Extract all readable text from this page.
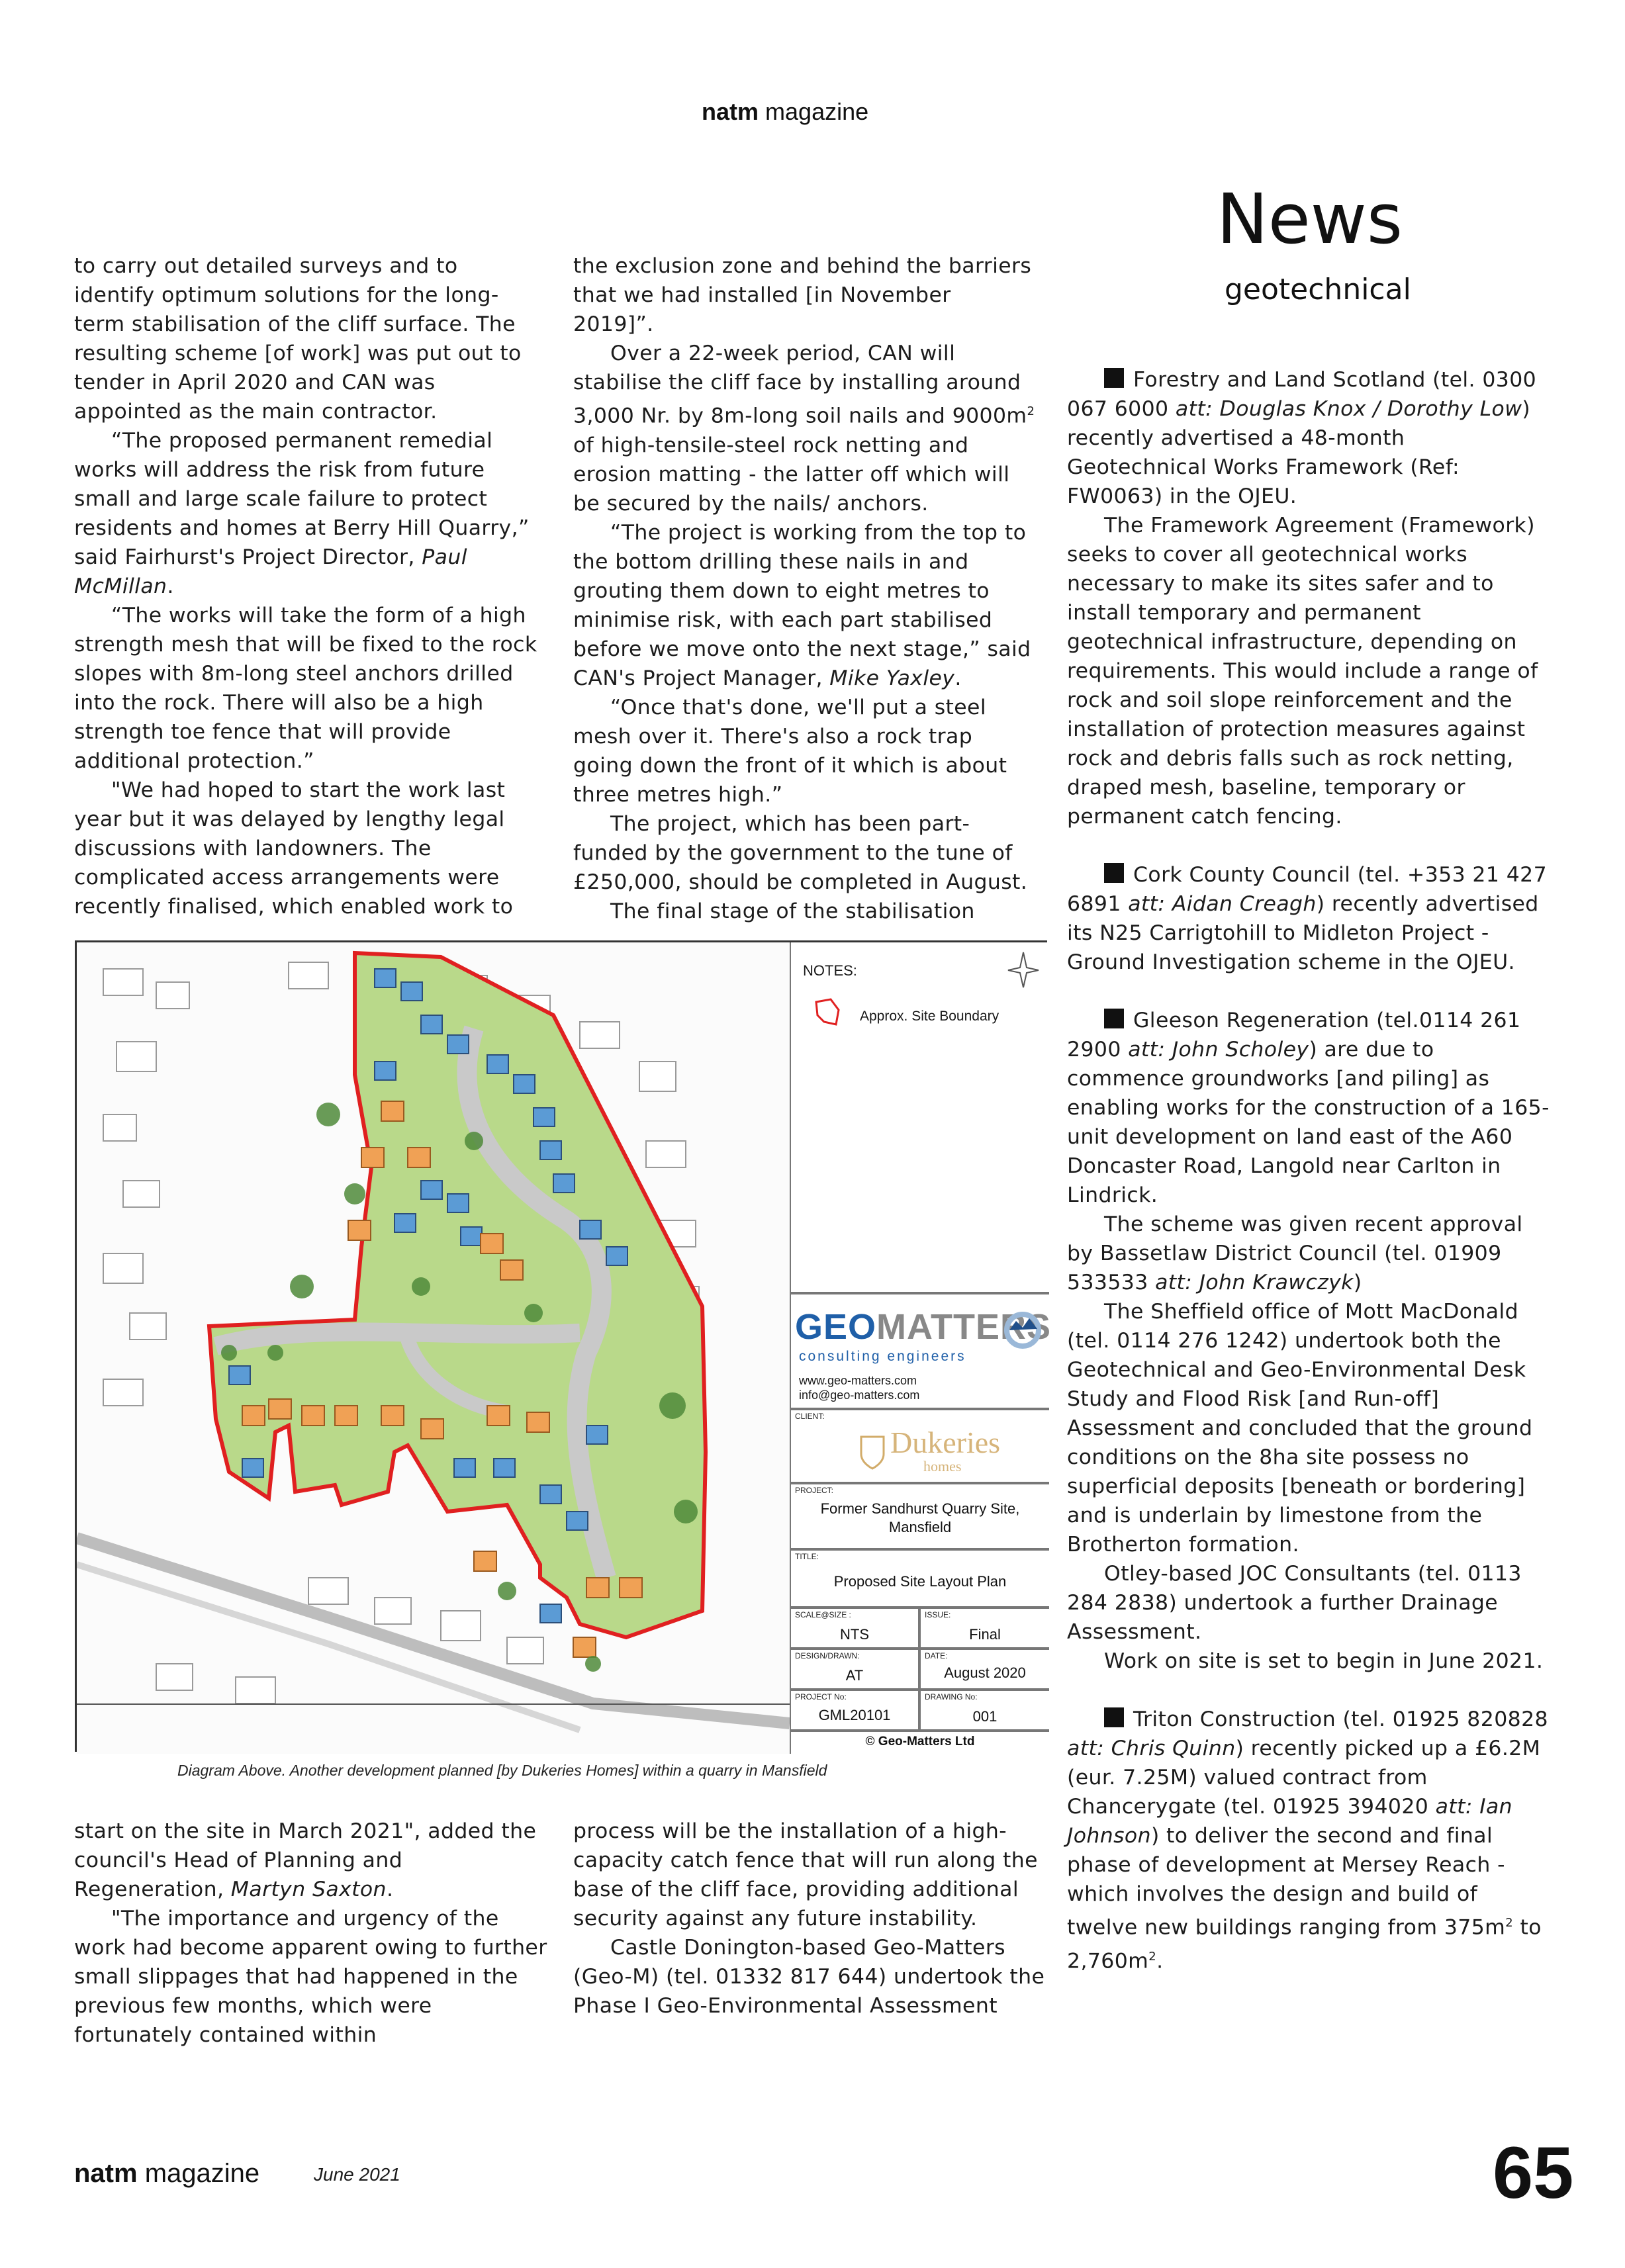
natm magazine
News
geotechnical

to carry out detailed surveys and to identify optimum solutions for the long-term stabilisation of the cliff surface. The resulting scheme [of work] was put out to tender in April 2020 and CAN was appointed as the main contractor.

“The proposed permanent remedial works will address the risk from future small and large scale failure to protect residents and homes at Berry Hill Quarry,” said Fairhurst's Project Director, Paul McMillan.

“The works will take the form of a high strength mesh that will be fixed to the rock slopes with 8m-long steel anchors drilled into the rock. There will also be a high strength toe fence that will provide additional protection.”

"We had hoped to start the work last year but it was delayed by lengthy legal discussions with landowners. The complicated access arrangements were recently finalised, which enabled work to

the exclusion zone and behind the barriers that we had installed [in November 2019]”.

Over a 22-week period, CAN will stabilise the cliff face by installing around 3,000 Nr. by 8m-long soil nails and $9000m^2$ of high-tensile-steel rock netting and erosion matting - the latter off which will be secured by the nails/ anchors.

“The project is working from the top to the bottom drilling these nails in and grouting them down to eight metres to minimise risk, with each part stabilised before we move onto the next stage,” said CAN's Project Manager, Mike Yaxley.

“Once that's done, we'll put a steel mesh over it. There's also a rock trap going down the front of it which is about three metres high.”

The project, which has been part-funded by the government to the tune of £250,000, should be completed in August.

The final stage of the stabilisation

Forestry and Land Scotland (tel. 0300 067 6000 att: Douglas Knox / Dorothy Low) recently advertised a 48-month Geotechnical Works Framework (Ref: FW0063) in the OJEU.

The Framework Agreement (Framework) seeks to cover all geotechnical works necessary to make its sites safer and to install temporary and permanent geotechnical infrastructure, depending on requirements. This would include a range of rock and soil slope reinforcement and the installation of protection measures against rock and debris falls such as rock netting, draped mesh, baseline, temporary or permanent catch fencing.

Cork County Council (tel. +353 21 427 6891 att: Aidan Creagh) recently advertised its N25 Carrigtohill to Midleton Project - Ground Investigation scheme in the OJEU.

Gleeson Regeneration (tel.0114 261 2900 att: John Scholey) are due to commence groundworks [and piling] as enabling works for the construction of a 165-unit development on land east of the A60 Doncaster Road, Langold near Carlton in Lindrick.

The scheme was given recent approval by Bassetlaw District Council (tel. 01909 533533 att: John Krawczyk)

The Sheffield office of Mott MacDonald (tel. 0114 276 1242) undertook both the Geotechnical and Geo-Environmental Desk Study and Flood Risk [and Run-off] Assessment and concluded that the ground conditions on the 8ha site possess no superficial deposits [beneath or bordering] and is underlain by limestone from the Brotherton formation.

Otley-based JOC Consultants (tel. 0113 284 2838) undertook a further Drainage Assessment.

Work on site is set to begin in June 2021.

Triton Construction (tel. 01925 820828 att: Chris Quinn) recently picked up a £6.2M (eur. 7.25M) valued contract from Chancerygate (tel. 01925 394020 att: Ian Johnson) to deliver the second and final phase of development at Mersey Reach - which involves the design and build of twelve new buildings ranging from $375m^2$ to $2,760m^2$.

NOTES:
Approx. Site Boundary
GEOMATTERS
consulting engineers
www.geo-matters.com
info@geo-matters.com
CLIENT:
Dukeries
homes
PROJECT:
Former Sandhurst Quarry Site,
Mansfield
TITLE:
Proposed Site Layout Plan
SCALE@SIZE :
NTS
ISSUE:
Final
DESIGN/DRAWN:
AT
DATE:
August 2020
PROJECT No:
GML20101
DRAWING No:
001
© Geo-Matters Ltd
Diagram Above. Another development planned [by Dukeries Homes] within a quarry in Mansfield

start on the site in March 2021", added the council's Head of Planning and Regeneration, Martyn Saxton.

"The importance and urgency of the work had become apparent owing to further small slippages that had happened in the previous few months, which were fortunately contained within

process will be the installation of a high-capacity catch fence that will run along the base of the cliff face, providing additional security against any future instability.

Castle Donington-based Geo-Matters (Geo-M) (tel. 01332 817 644) undertook the Phase I Geo-Environmental Assessment

natm magazine	June 2021	65
